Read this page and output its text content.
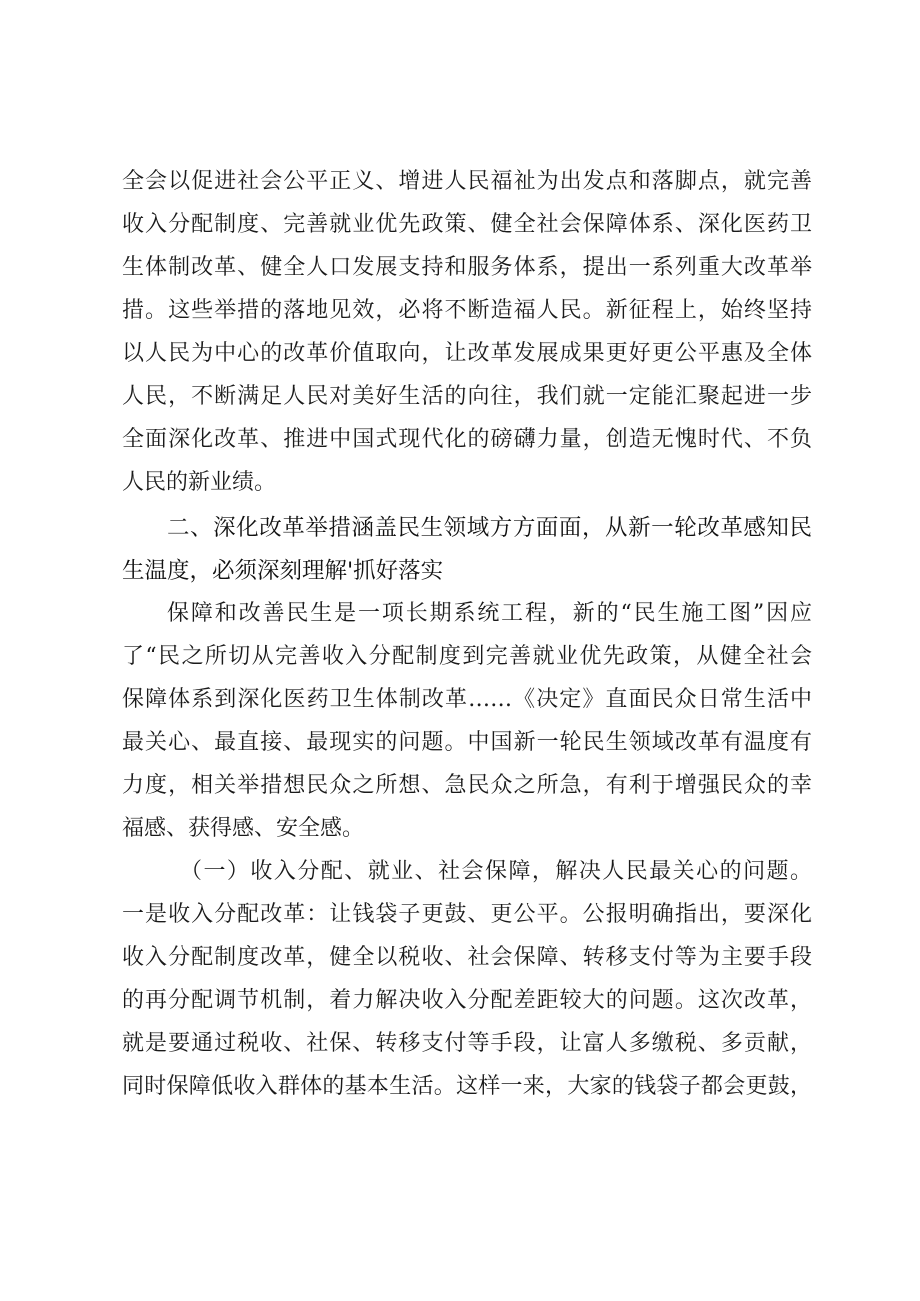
全会以促进社会公平正义、增进人民福祉为出发点和落脚点，就完善
收入分配制度、完善就业优先政策、健全社会保障体系、深化医药卫
生体制改革、健全人口发展支持和服务体系，提出一系列重大改革举
措。这些举措的落地见效，必将不断造福人民。新征程上，始终坚持
以人民为中心的改革价值取向，让改革发展成果更好更公平惠及全体
人民，不断满足人民对美好生活的向往，我们就一定能汇聚起进一步
全面深化改革、推进中国式现代化的磅礴力量，创造无愧时代、不负
人民的新业绩。
二、深化改革举措涵盖民生领域方方面面，从新一轮改革感知民
生温度，必须深刻理解'抓好落实
保障和改善民生是一项长期系统工程，新的“民生施工图”因应
了“民之所切从完善收入分配制度到完善就业优先政策，从健全社会
保障体系到深化医药卫生体制改革……《决定》直面民众日常生活中
最关心、最直接、最现实的问题。中国新一轮民生领域改革有温度有
力度，相关举措想民众之所想、急民众之所急，有利于增强民众的幸
福感、获得感、安全感。
（一）收入分配、就业、社会保障，解决人民最关心的问题。
一是收入分配改革：让钱袋子更鼓、更公平。公报明确指出，要深化
收入分配制度改革，健全以税收、社会保障、转移支付等为主要手段
的再分配调节机制，着力解决收入分配差距较大的问题。这次改革，
就是要通过税收、社保、转移支付等手段，让富人多缴税、多贡献，
同时保障低收入群体的基本生活。这样一来，大家的钱袋子都会更鼓，
